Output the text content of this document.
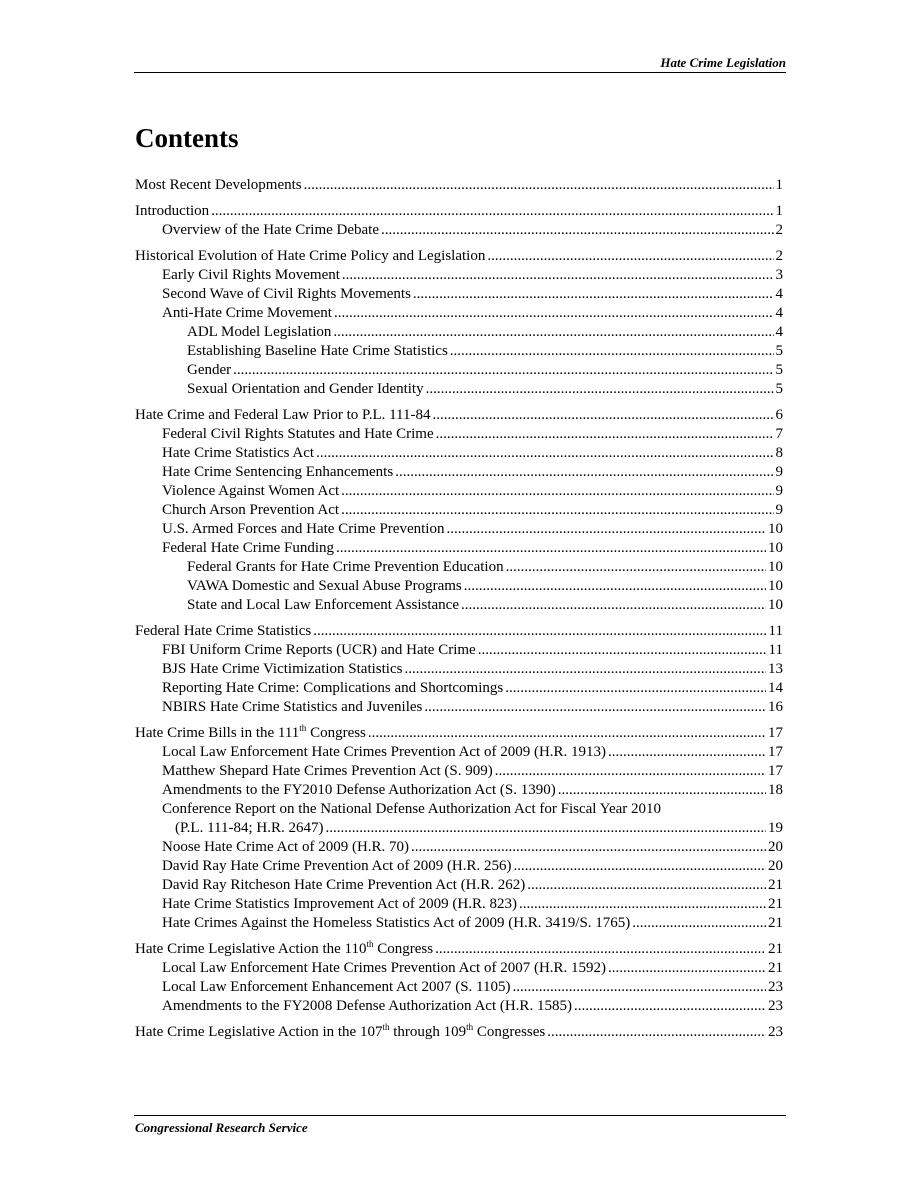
Hate Crime Legislation
Contents
Most Recent Developments .....	1
Introduction .....	1
Overview of the Hate Crime Debate .....	2
Historical Evolution of Hate Crime Policy and Legislation .....	2
Early Civil Rights Movement .....	3
Second Wave of Civil Rights Movements .....	4
Anti-Hate Crime Movement .....	4
ADL Model Legislation .....	4
Establishing Baseline Hate Crime Statistics .....	5
Gender .....	5
Sexual Orientation and Gender Identity .....	5
Hate Crime and Federal Law Prior to P.L. 111-84 .....	6
Federal Civil Rights Statutes and Hate Crime .....	7
Hate Crime Statistics Act .....	8
Hate Crime Sentencing Enhancements .....	9
Violence Against Women Act .....	9
Church Arson Prevention Act .....	9
U.S. Armed Forces and Hate Crime Prevention .....	10
Federal Hate Crime Funding .....	10
Federal Grants for Hate Crime Prevention Education .....	10
VAWA Domestic and Sexual Abuse Programs .....	10
State and Local Law Enforcement Assistance .....	10
Federal Hate Crime Statistics .....	11
FBI Uniform Crime Reports (UCR) and Hate Crime .....	11
BJS Hate Crime Victimization Statistics .....	13
Reporting Hate Crime: Complications and Shortcomings .....	14
NBIRS Hate Crime Statistics and Juveniles .....	16
Hate Crime Bills in the 111th Congress .....	17
Local Law Enforcement Hate Crimes Prevention Act of 2009 (H.R. 1913) .....	17
Matthew Shepard Hate Crimes Prevention Act (S. 909) .....	17
Amendments to the FY2010 Defense Authorization Act (S. 1390) .....	18
Conference Report on the National Defense Authorization Act for Fiscal Year 2010
(P.L. 111-84; H.R. 2647) .....	19
Noose Hate Crime Act of 2009 (H.R. 70) .....	20
David Ray Hate Crime Prevention Act of 2009 (H.R. 256) .....	20
David Ray Ritcheson Hate Crime Prevention Act (H.R. 262) .....	21
Hate Crime Statistics Improvement Act of 2009 (H.R. 823) .....	21
Hate Crimes Against the Homeless Statistics Act of 2009 (H.R. 3419/S. 1765) .....	21
Hate Crime Legislative Action the 110th Congress .....	21
Local Law Enforcement Hate Crimes Prevention Act of 2007 (H.R. 1592) .....	21
Local Law Enforcement Enhancement Act 2007 (S. 1105) .....	23
Amendments to the FY2008 Defense Authorization Act (H.R. 1585) .....	23
Hate Crime Legislative Action in the 107th through 109th Congresses .....	23
Congressional Research Service
